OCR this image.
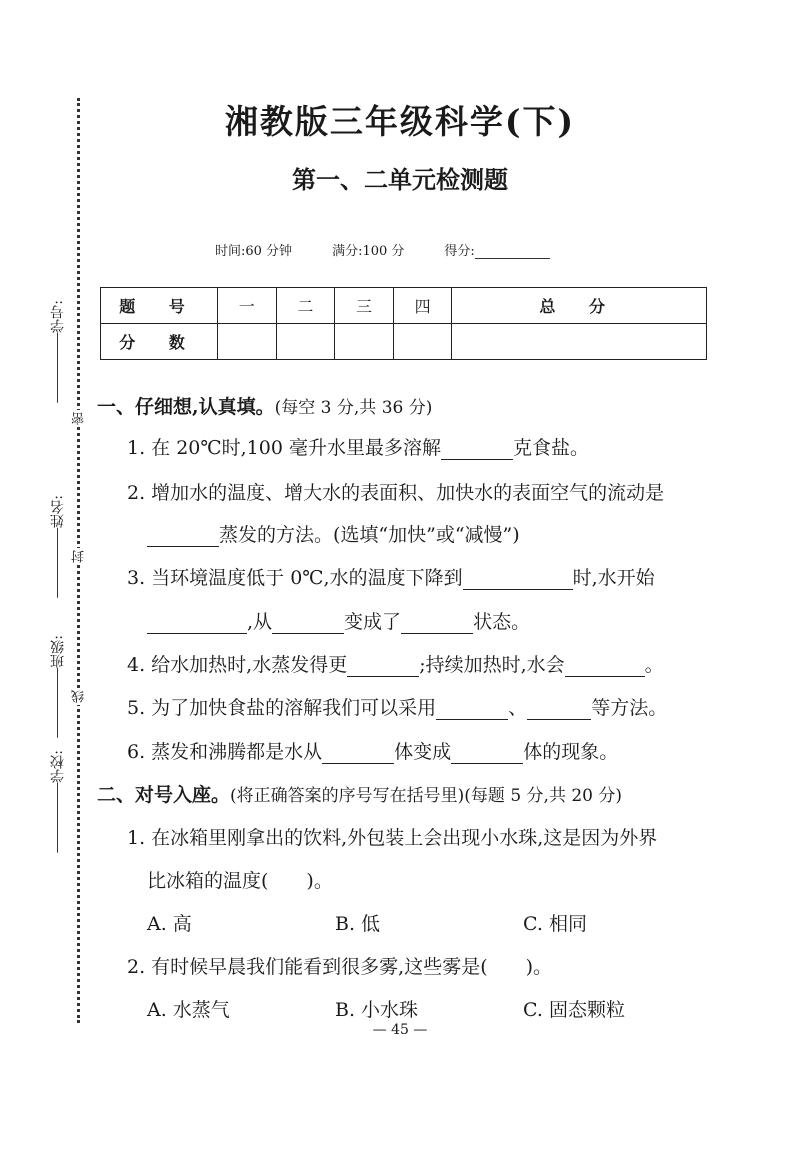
学号:
姓名:
班级:
学校:
密
封
线
湘教版三年级科学(下)
第一、二单元检测题
时间:60 分钟	满分:100 分	得分:
题 号	一	二	三	四	总 分
分 数					
一、仔细想,认真填。(每空 3 分,共 36 分)
1. 在 20℃时,100 毫升水里最多溶解	克食盐。
2. 增加水的温度、增大水的表面积、加快水的表面空气的流动是
蒸发的方法。(选填“加快”或“减慢”)
3. 当环境温度低于 0℃,水的温度下降到	时,水开始
,从	变成了	状态。
4. 给水加热时,水蒸发得更	;持续加热时,水会	。
5. 为了加快食盐的溶解我们可以采用	、	等方法。
6. 蒸发和沸腾都是水从	体变成	体的现象。
二、对号入座。(将正确答案的序号写在括号里)(每题 5 分,共 20 分)
1. 在冰箱里刚拿出的饮料,外包装上会出现小水珠,这是因为外界
比冰箱的温度(　　)。
A. 高	B. 低	C. 相同
2. 有时候早晨我们能看到很多雾,这些雾是(　　)。
A. 水蒸气	B. 小水珠	C. 固态颗粒
— 45 —
